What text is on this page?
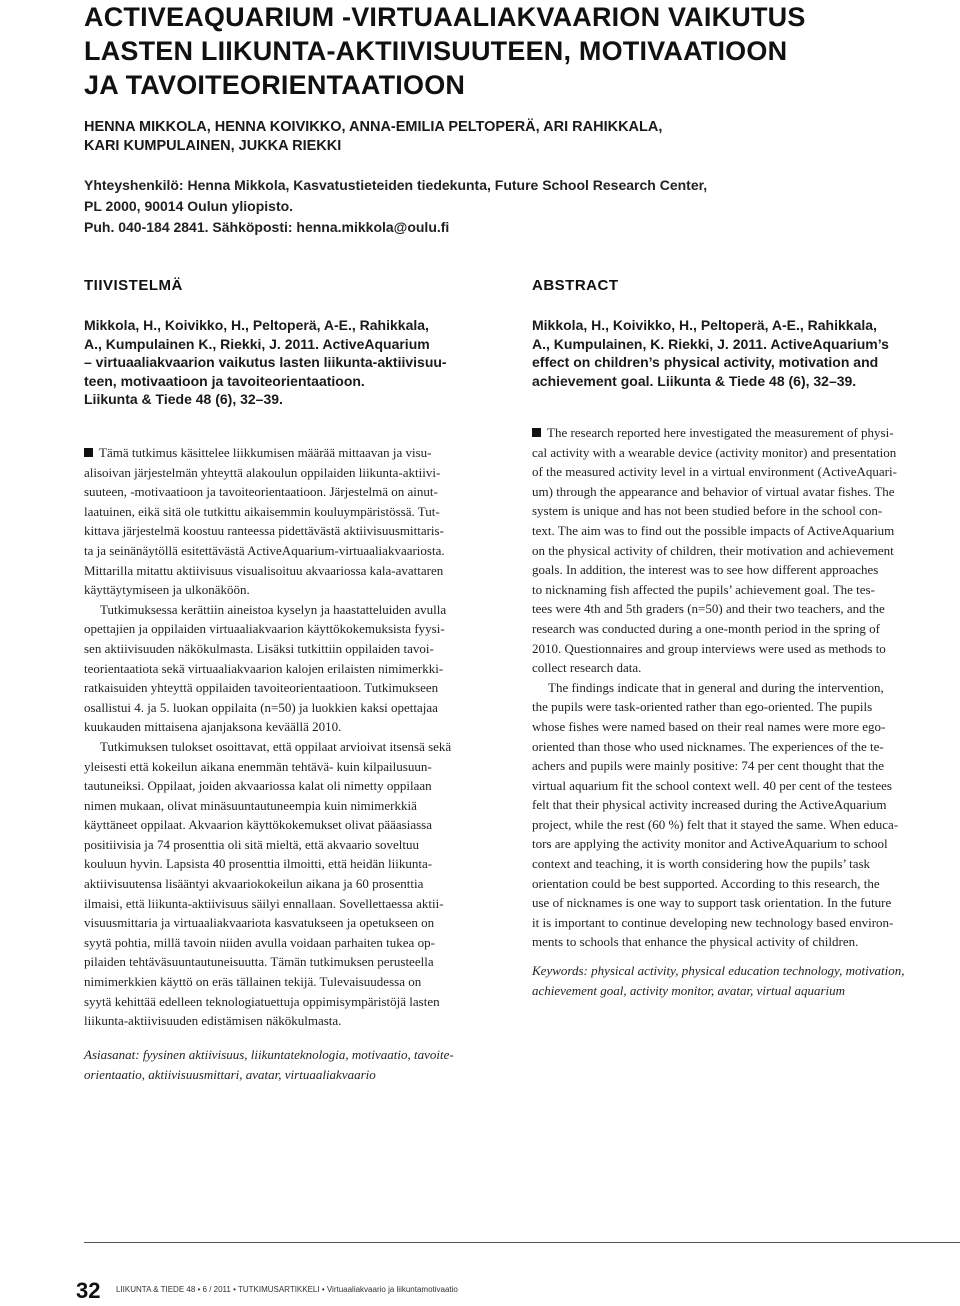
ACTIVEAQUARIUM -VIRTUAALIAKVAARION VAIKUTUS
LASTEN LIIKUNTA-AKTIIVISUUTEEN, MOTIVAATIOON
JA TAVOITEORIENTAATIOON
HENNA MIKKOLA, HENNA KOIVIKKO, ANNA-EMILIA PELTOPERÄ, ARI RAHIKKALA,
KARI KUMPULAINEN, JUKKA RIEKKI
Yhteyshenkilö: Henna Mikkola, Kasvatustieteiden tiedekunta, Future School Research Center,
PL 2000, 90014 Oulun yliopisto.
Puh. 040-184 2841. Sähköposti: henna.mikkola@oulu.fi
TIIVISTELMÄ
Mikkola, H., Koivikko, H., Peltoperä, A-E., Rahikkala,
A., Kumpulainen K., Riekki, J. 2011. ActiveAquarium
– virtuaaliakvaarion vaikutus lasten liikunta-aktiivisuu-
teen, motivaatioon ja tavoiteorientaatioon.
Liikunta & Tiede 48 (6), 32–39.
Tämä tutkimus käsittelee liikkumisen määrää mittaavan ja visu-
alisoivan järjestelmän yhteyttä alakoulun oppilaiden liikunta-aktiivi-
suuteen, -motivaatioon ja tavoiteorientaatioon. Järjestelmä on ainut-
laatuinen, eikä sitä ole tutkittu aikaisemmin kouluympäristössä. Tut-
kittava järjestelmä koostuu ranteessa pidettävästä aktiivisuusmittaris-
ta ja seinänäytöllä esitettävästä ActiveAquarium-virtuaaliakvaariosta.
Mittarilla mitattu aktiivisuus visualisoituu akvaariossa kala-avattaren
käyttäytymiseen ja ulkonäköön.
Tutkimuksessa kerättiin aineistoa kyselyn ja haastatteluiden avulla
opettajien ja oppilaiden virtuaaliakvaarion käyttökokemuksista fyysi-
sen aktiivisuuden näkökulmasta. Lisäksi tutkittiin oppilaiden tavoi-
teorientaatiota sekä virtuaaliakvaarion kalojen erilaisten nimimerkki-
ratkaisuiden yhteyttä oppilaiden tavoiteorientaatioon. Tutkimukseen
osallistui 4. ja 5. luokan oppilaita (n=50) ja luokkien kaksi opettajaa
kuukauden mittaisena ajanjaksona keväällä 2010.
Tutkimuksen tulokset osoittavat, että oppilaat arvioivat itsensä sekä
yleisesti että kokeilun aikana enemmän tehtävä- kuin kilpailusuun-
tautuneiksi. Oppilaat, joiden akvaariossa kalat oli nimetty oppilaan
nimen mukaan, olivat minäsuuntautuneempia kuin nimimerkkiä
käyttäneet oppilaat. Akvaarion käyttökokemukset olivat pääasiassa
positiivisia ja 74 prosenttia oli sitä mieltä, että akvaario soveltuu
kouluun hyvin. Lapsista 40 prosenttia ilmoitti, että heidän liikunta-
aktiivisuutensa lisääntyi akvaariokokeilun aikana ja 60 prosenttia
ilmaisi, että liikunta-aktiivisuus säilyi ennallaan. Sovellettaessa aktii-
visuusmittaria ja virtuaaliakvaariota kasvatukseen ja opetukseen on
syytä pohtia, millä tavoin niiden avulla voidaan parhaiten tukea op-
pilaiden tehtäväsuuntautuneisuutta. Tämän tutkimuksen perusteella
nimimerkkien käyttö on eräs tällainen tekijä. Tulevaisuudessa on
syytä kehittää edelleen teknologiatuettuja oppimisympäristöjä lasten
liikunta-aktiivisuuden edistämisen näkökulmasta.
Asiasanat: fyysinen aktiivisuus, liikuntateknologia, motivaatio, tavoite-
orientaatio, aktiivisuusmittari, avatar, virtuaaliakvaario
ABSTRACT
Mikkola, H., Koivikko, H., Peltoperä, A-E., Rahikkala,
A., Kumpulainen, K. Riekki, J. 2011. ActiveAquarium’s
effect on children’s physical activity, motivation and
achievement goal. Liikunta & Tiede 48 (6), 32–39.
The research reported here investigated the measurement of physi-
cal activity with a wearable device (activity monitor) and presentation
of the measured activity level in a virtual environment (ActiveAquari-
um) through the appearance and behavior of virtual avatar fishes. The
system is unique and has not been studied before in the school con-
text. The aim was to find out the possible impacts of ActiveAquarium
on the physical activity of children, their motivation and achievement
goals. In addition, the interest was to see how different approaches
to nicknaming fish affected the pupils’ achievement goal. The tes-
tees were 4th and 5th graders (n=50) and their two teachers, and the
research was conducted during a one-month period in the spring of
2010. Questionnaires and group interviews were used as methods to
collect research data.
The findings indicate that in general and during the intervention,
the pupils were task-oriented rather than ego-oriented. The pupils
whose fishes were named based on their real names were more ego-
oriented than those who used nicknames. The experiences of the te-
achers and pupils were mainly positive: 74 per cent thought that the
virtual aquarium fit the school context well. 40 per cent of the testees
felt that their physical activity increased during the ActiveAquarium
project, while the rest (60 %) felt that it stayed the same. When educa-
tors are applying the activity monitor and ActiveAquarium to school
context and teaching, it is worth considering how the pupils’ task
orientation could be best supported. According to this research, the
use of nicknames is one way to support task orientation. In the future
it is important to continue developing new technology based environ-
ments to schools that enhance the physical activity of children.
Keywords: physical activity, physical education technology, motivation,
achievement goal, activity monitor, avatar, virtual aquarium
32 LIIKUNTA & TIEDE 48 • 6 / 2011 • TUTKIMUSARTIKKELI • Virtuaaliakvaario ja liikuntamotivaatio
